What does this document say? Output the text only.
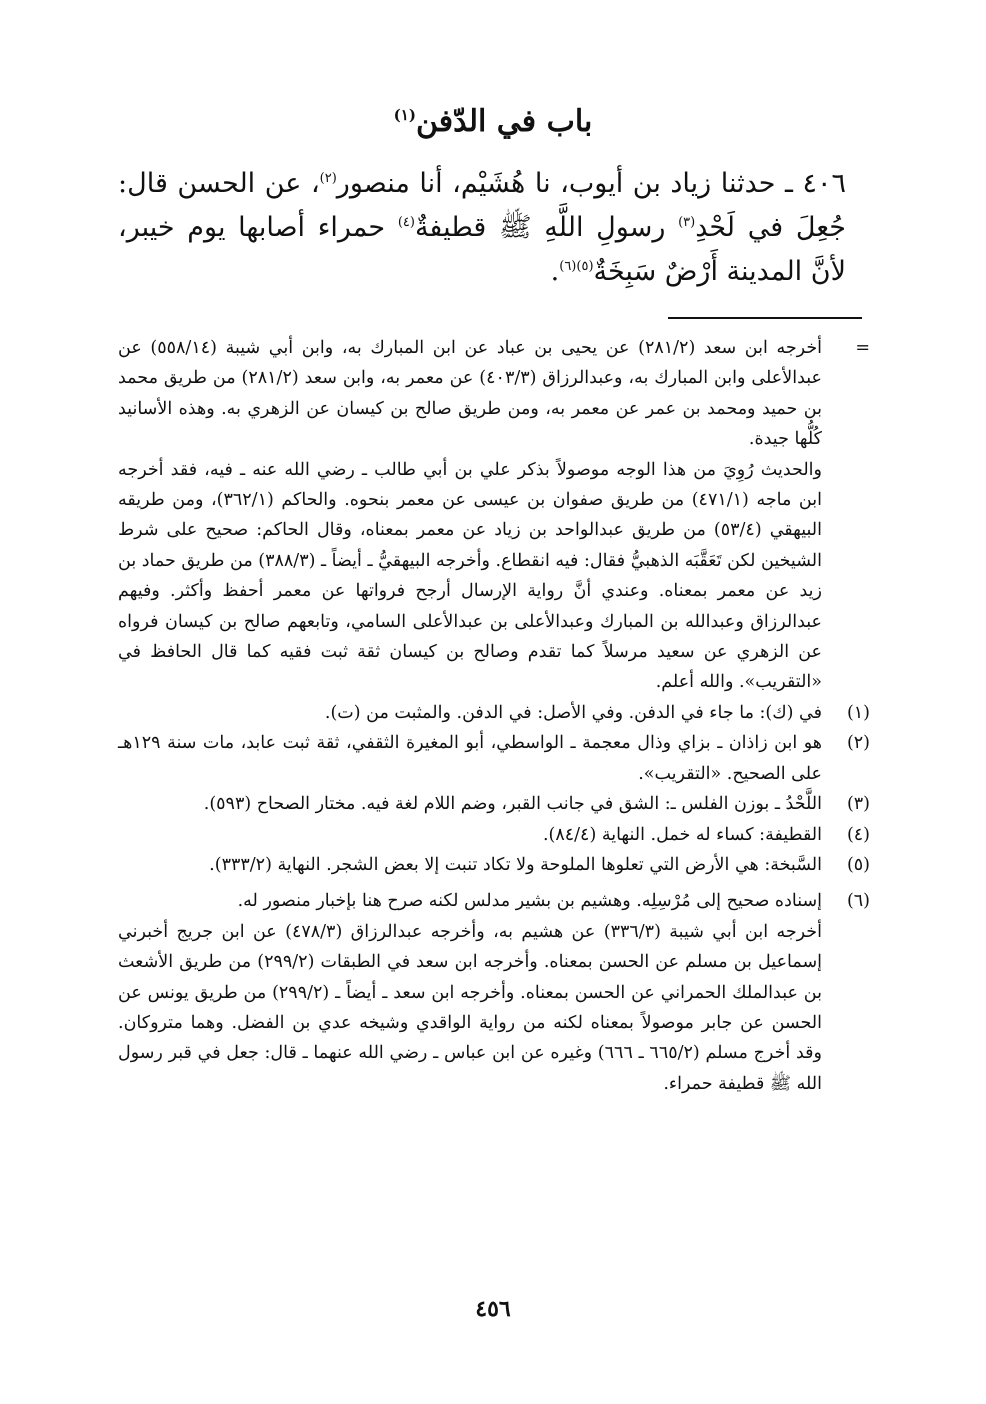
باب في الدّفن$^{(١)}$
٤٠٦ ـ حدثنا زياد بن أيوب، نا هُشَيْم، أنا منصور$^{(٢)}$، عن الحسن قال: جُعِلَ في لَحْدِ$^{(٣)}$ رسولِ اللَّهِ ﷺ قطيفةٌ$^{(٤)}$ حمراء أصابها يوم خيبر، لأنَّ المدينة أَرْضٌ سَبِخَةٌ$^{(٥)(٦)}$.
=
أخرجه ابن سعد (٢٨١/٢) عن يحيى بن عباد عن ابن المبارك به، وابن أبي شيبة (٥٥٨/١٤) عن عبدالأعلى وابن المبارك به، وعبدالرزاق (٤٠٣/٣) عن معمر به، وابن سعد (٢٨١/٢) من طريق محمد بن حميد ومحمد بن عمر عن معمر به، ومن طريق صالح بن كيسان عن الزهري به. وهذه الأسانيد كُلُّها جيدة.
والحديث رُوِيَ من هذا الوجه موصولاً بذكر علي بن أبي طالب ـ رضي الله عنه ـ فيه، فقد أخرجه ابن ماجه (٤٧١/١) من طريق صفوان بن عيسى عن معمر بنحوه. والحاكم (٣٦٢/١)، ومن طريقه البيهقي (٥٣/٤) من طريق عبدالواحد بن زياد عن معمر بمعناه، وقال الحاكم: صحيح على شرط الشيخين لكن تَعَقَّبَه الذهبيُّ فقال: فيه انقطاع. وأخرجه البيهقيُّ ـ أيضاً ـ (٣٨٨/٣) من طريق حماد بن زيد عن معمر بمعناه. وعندي أنَّ رواية الإرسال أرجح فرواتها عن معمر أحفظ وأكثر. وفيهم عبدالرزاق وعبدالله بن المبارك وعبدالأعلى بن عبدالأعلى السامي، وتابعهم صالح بن كيسان فرواه عن الزهري عن سعيد مرسلاً كما تقدم وصالح بن كيسان ثقة ثبت فقيه كما قال الحافظ في «التقريب». والله أعلم.
(١)
في (ك): ما جاء في الدفن. وفي الأصل: في الدفن. والمثبت من (ت).
(٢)
هو ابن زاذان ـ بزاي وذال معجمة ـ الواسطي، أبو المغيرة الثقفي، ثقة ثبت عابد، مات سنة ١٢٩هـ على الصحيح. «التقريب».
(٣)
اللَّحْدُ ـ بوزن الفلس ـ: الشق في جانب القبر، وضم اللام لغة فيه. مختار الصحاح (٥٩٣).
(٤)
القطيفة: كساء له خمل. النهاية (٨٤/٤).
(٥)
السَّبخة: هي الأرض التي تعلوها الملوحة ولا تكاد تنبت إلا بعض الشجر. النهاية (٣٣٣/٢).
(٦)
إسناده صحيح إلى مُرْسِلِه. وهشيم بن بشير مدلس لكنه صرح هنا بإخبار منصور له.
أخرجه ابن أبي شيبة (٣٣٦/٣) عن هشيم به، وأخرجه عبدالرزاق (٤٧٨/٣) عن ابن جريج أخبرني إسماعيل بن مسلم عن الحسن بمعناه. وأخرجه ابن سعد في الطبقات (٢٩٩/٢) من طريق الأشعث بن عبدالملك الحمراني عن الحسن بمعناه. وأخرجه ابن سعد ـ أيضاً ـ (٢٩٩/٢) من طريق يونس عن الحسن عن جابر موصولاً بمعناه لكنه من رواية الواقدي وشيخه عدي بن الفضل. وهما متروكان. وقد أخرج مسلم (٦٦٥/٢ ـ ٦٦٦) وغيره عن ابن عباس ـ رضي الله عنهما ـ قال: جعل في قبر رسول الله ﷺ قطيفة حمراء.
٤٥٦
